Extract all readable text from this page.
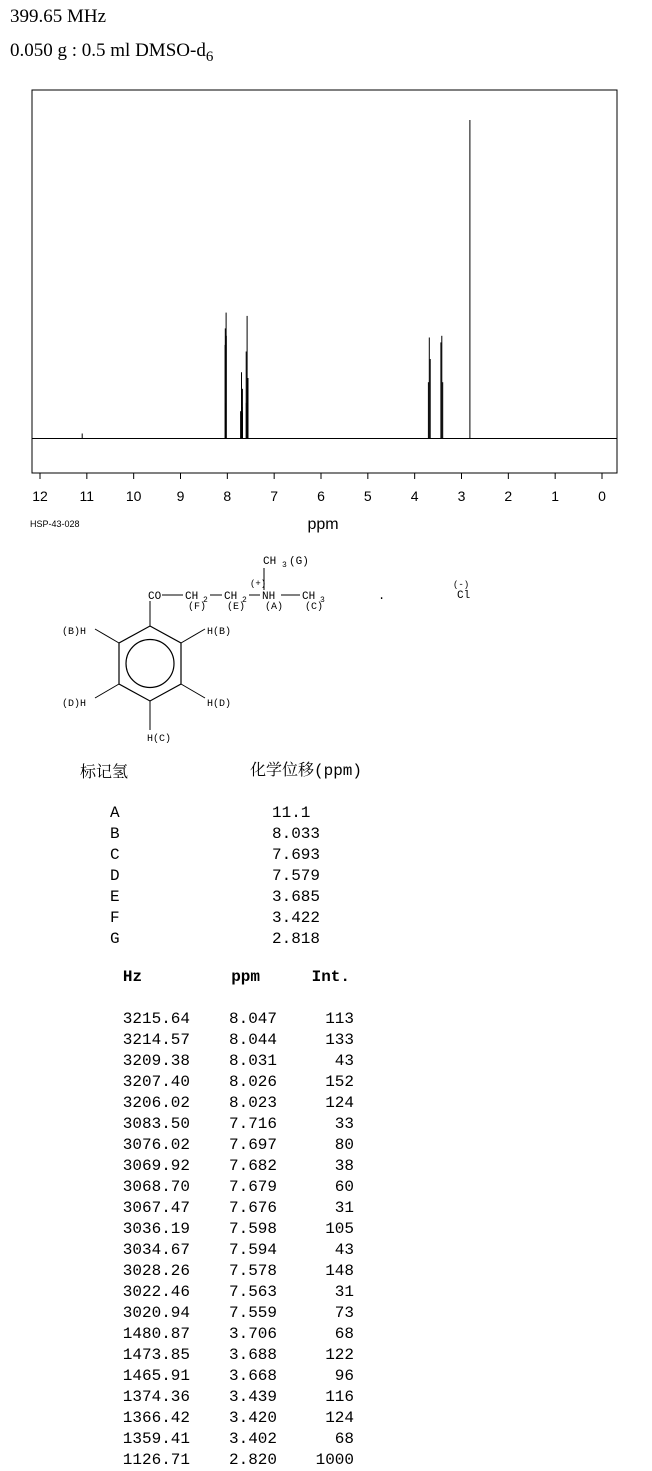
399.65 MHz
0.050 g : 0.5 ml DMSO-$d_6$
12 11 10	9	8	7	6	5	4	3	2	1	0
ppm
HSP-43-028
CH 3 (G)
(+)
CO CH 2 CH 2 NH CH 3
(F) (E) (A) (C)
.
(-)
Cl
(B)H	H(B)
(D)H	H(D)
H(C)
标记氢	化学位移(ppm)
A	11.1
B	8.033
C	7.693
D	7.579
E	3.685
F	3.422
G	2.818
Hz	ppm	Int.
3215.64	8.047	113
3214.57	8.044	133
3209.38	8.031	43
3207.40	8.026	152
3206.02	8.023	124
3083.50	7.716	33
3076.02	7.697	80
3069.92	7.682	38
3068.70	7.679	60
3067.47	7.676	31
3036.19	7.598	105
3034.67	7.594	43
3028.26	7.578	148
3022.46	7.563	31
3020.94	7.559	73
1480.87	3.706	68
1473.85	3.688	122
1465.91	3.668	96
1374.36	3.439	116
1366.42	3.420	124
1359.41	3.402	68
1126.71	2.820	1000
